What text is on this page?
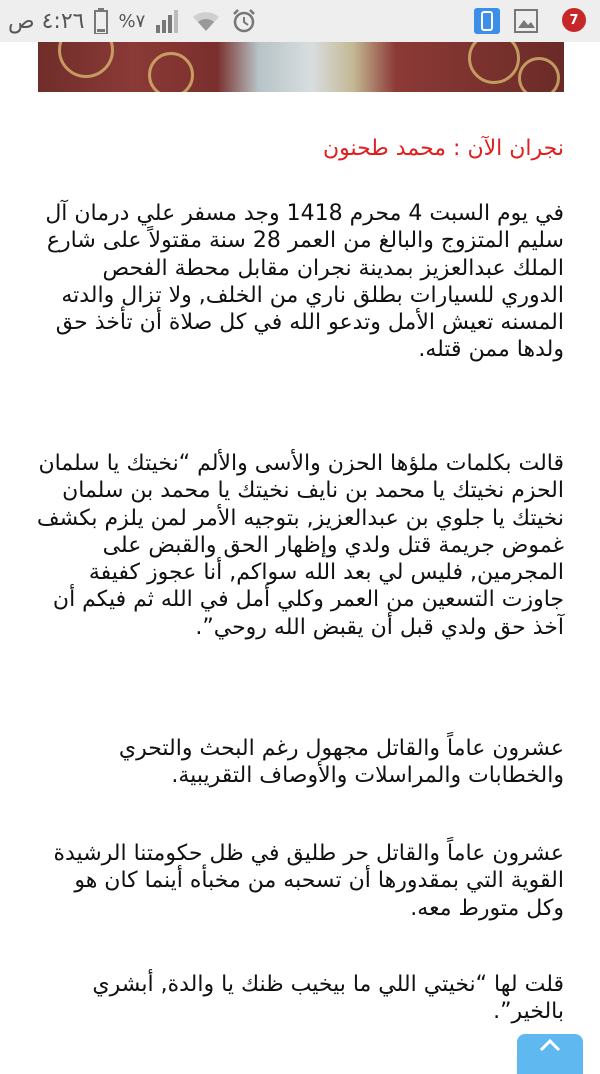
٤:٢٦ ص %٧	7
نجران الآن : محمد طحنون

في يوم السبت 4 محرم 1418 وجد مسفر علي درمان آل سليم المتزوج والبالغ من العمر 28 سنة مقتولاً على شارع الملك عبدالعزيز بمدينة نجران مقابل محطة الفحص الدوري للسيارات بطلق ناري من الخلف, ولا تزال والدته المسنه تعيش الأمل وتدعو الله في كل صلاة أن تأخذ حق ولدها ممن قتله.

قالت بكلمات ملؤها الحزن والأسى والألم “نخيتك يا سلمان الحزم نخيتك يا محمد بن نايف نخيتك يا محمد بن سلمان نخيتك يا جلوي بن عبدالعزيز, بتوجيه الأمر لمن يلزم بكشف غموض جريمة قتل ولدي وإظهار الحق والقبض على المجرمين, فليس لي بعد الله سواكم, أنا عجوز كفيفة جاوزت التسعين من العمر وكلي أمل في الله ثم فيكم أن آخذ حق ولدي قبل أن يقبض الله روحي”.

عشرون عاماً والقاتل مجهول رغم البحث والتحري والخطابات والمراسلات والأوصاف التقريبية.

عشرون عاماً والقاتل حر طليق في ظل حكومتنا الرشيدة القوية التي بمقدورها أن تسحبه من مخبأه أينما كان هو وكل متورط معه.

قلت لها “نخيتي اللي ما بيخيب ظنك يا والدة, أبشري بالخير”.
